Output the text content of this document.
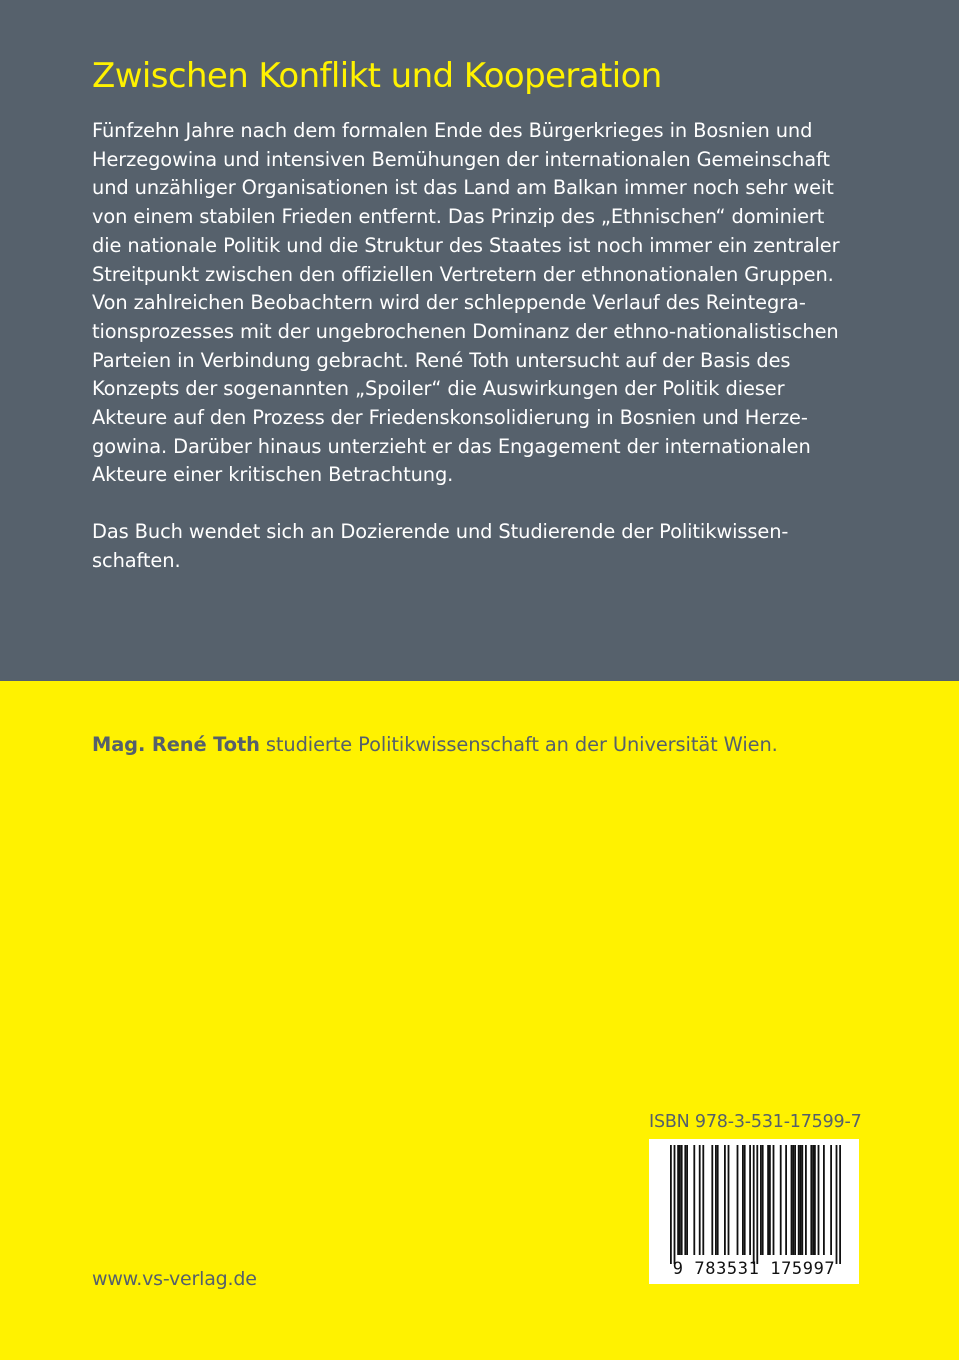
Zwischen Konflikt und Kooperation
Fünfzehn Jahre nach dem formalen Ende des Bürgerkrieges in Bosnien und
Herzegowina und intensiven Bemühungen der internationalen Gemeinschaft
und unzähliger Organisationen ist das Land am Balkan immer noch sehr weit
von einem stabilen Frieden entfernt. Das Prinzip des „Ethnischen“ dominiert
die nationale Politik und die Struktur des Staates ist noch immer ein zentraler
Streitpunkt zwischen den offiziellen Vertretern der ethnonationalen Gruppen.
Von zahlreichen Beobachtern wird der schleppende Verlauf des Reintegra-
tionsprozesses mit der ungebrochenen Dominanz der ethno-nationalistischen
Parteien in Verbindung gebracht. René Toth untersucht auf der Basis des
Konzepts der sogenannten „Spoiler“ die Auswirkungen der Politik dieser
Akteure auf den Prozess der Friedenskonsolidierung in Bosnien und Herze-
gowina. Darüber hinaus unterzieht er das Engagement der internationalen
Akteure einer kritischen Betrachtung.
Das Buch wendet sich an Dozierende und Studierende der Politikwissen-
schaften.
Mag. René Toth studierte Politikwissenschaft an der Universität Wien.
ISBN 978-3-531-17599-7
9 783531 175997
www.vs-verlag.de
